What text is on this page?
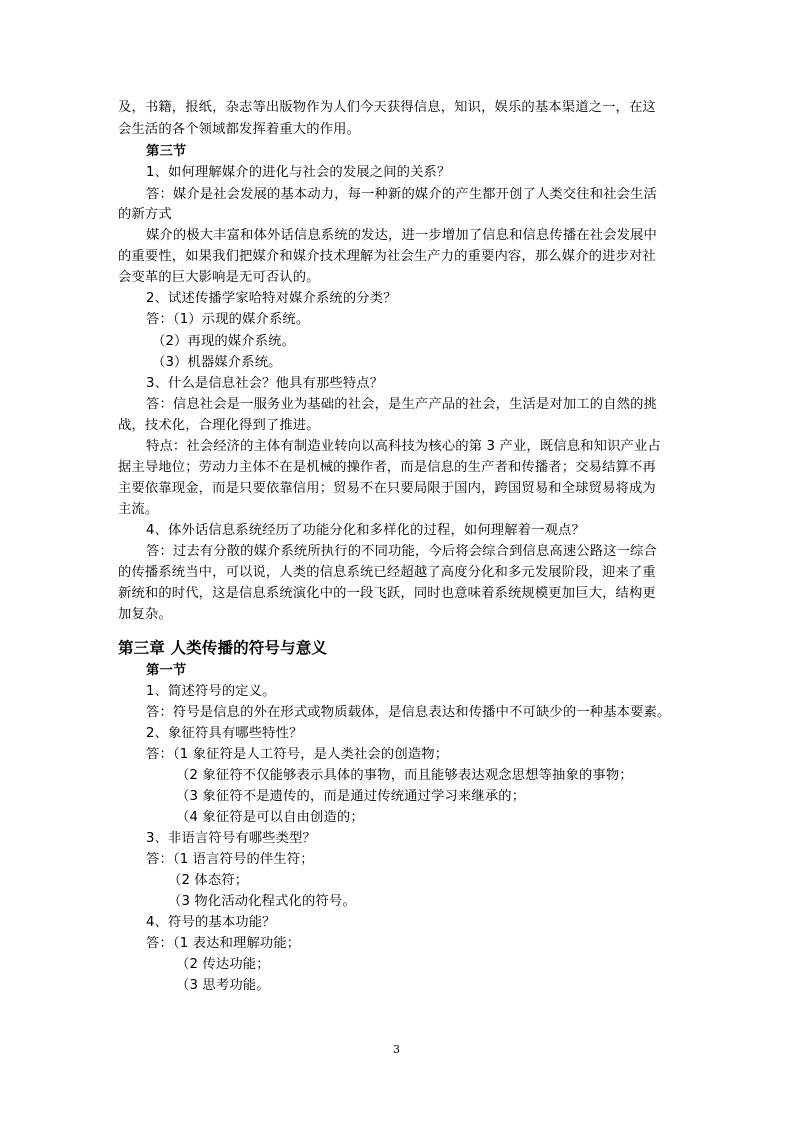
及，书籍，报纸，杂志等出版物作为人们今天获得信息，知识，娱乐的基本渠道之一，在这
会生活的各个领域都发挥着重大的作用。
第三节
1、如何理解媒介的进化与社会的发展之间的关系？
答：媒介是社会发展的基本动力，每一种新的媒介的产生都开创了人类交往和社会生活
的新方式
媒介的极大丰富和体外话信息系统的发达，进一步增加了信息和信息传播在社会发展中
的重要性，如果我们把媒介和媒介技术理解为社会生产力的重要内容，那么媒介的进步对社
会变革的巨大影响是无可否认的。
2、试述传播学家哈特对媒介系统的分类？
答：（1）示现的媒介系统。
（2）再现的媒介系统。
（3）机器媒介系统。
3、什么是信息社会？他具有那些特点？
答：信息社会是一服务业为基础的社会，是生产产品的社会，生活是对加工的自然的挑
战，技术化，合理化得到了推进。
特点：社会经济的主体有制造业转向以高科技为核心的第 3 产业，既信息和知识产业占
据主导地位；劳动力主体不在是机械的操作者，而是信息的生产者和传播者；交易结算不再
主要依靠现金，而是只要依靠信用；贸易不在只要局限于国内，跨国贸易和全球贸易将成为
主流。
4、体外话信息系统经历了功能分化和多样化的过程，如何理解着一观点？
答：过去有分散的媒介系统所执行的不同功能，今后将会综合到信息高速公路这一综合
的传播系统当中，可以说，人类的信息系统已经超越了高度分化和多元发展阶段，迎来了重
新统和的时代，这是信息系统演化中的一段飞跃，同时也意味着系统规模更加巨大，结构更
加复杂。
第三章 人类传播的符号与意义
第一节
1、简述符号的定义。
答：符号是信息的外在形式或物质载体，是信息表达和传播中不可缺少的一种基本要素。
2、象征符具有哪些特性？
答：（1 象征符是人工符号，是人类社会的创造物；
（2 象征符不仅能够表示具体的事物，而且能够表达观念思想等抽象的事物；
（3 象征符不是遗传的，而是通过传统通过学习来继承的；
（4 象征符是可以自由创造的；
3、非语言符号有哪些类型？
答：（1 语言符号的伴生符；
（2 体态符；
（3 物化活动化程式化的符号。
4、符号的基本功能？
答：（1 表达和理解功能；
（2 传达功能；
（3 思考功能。
3
